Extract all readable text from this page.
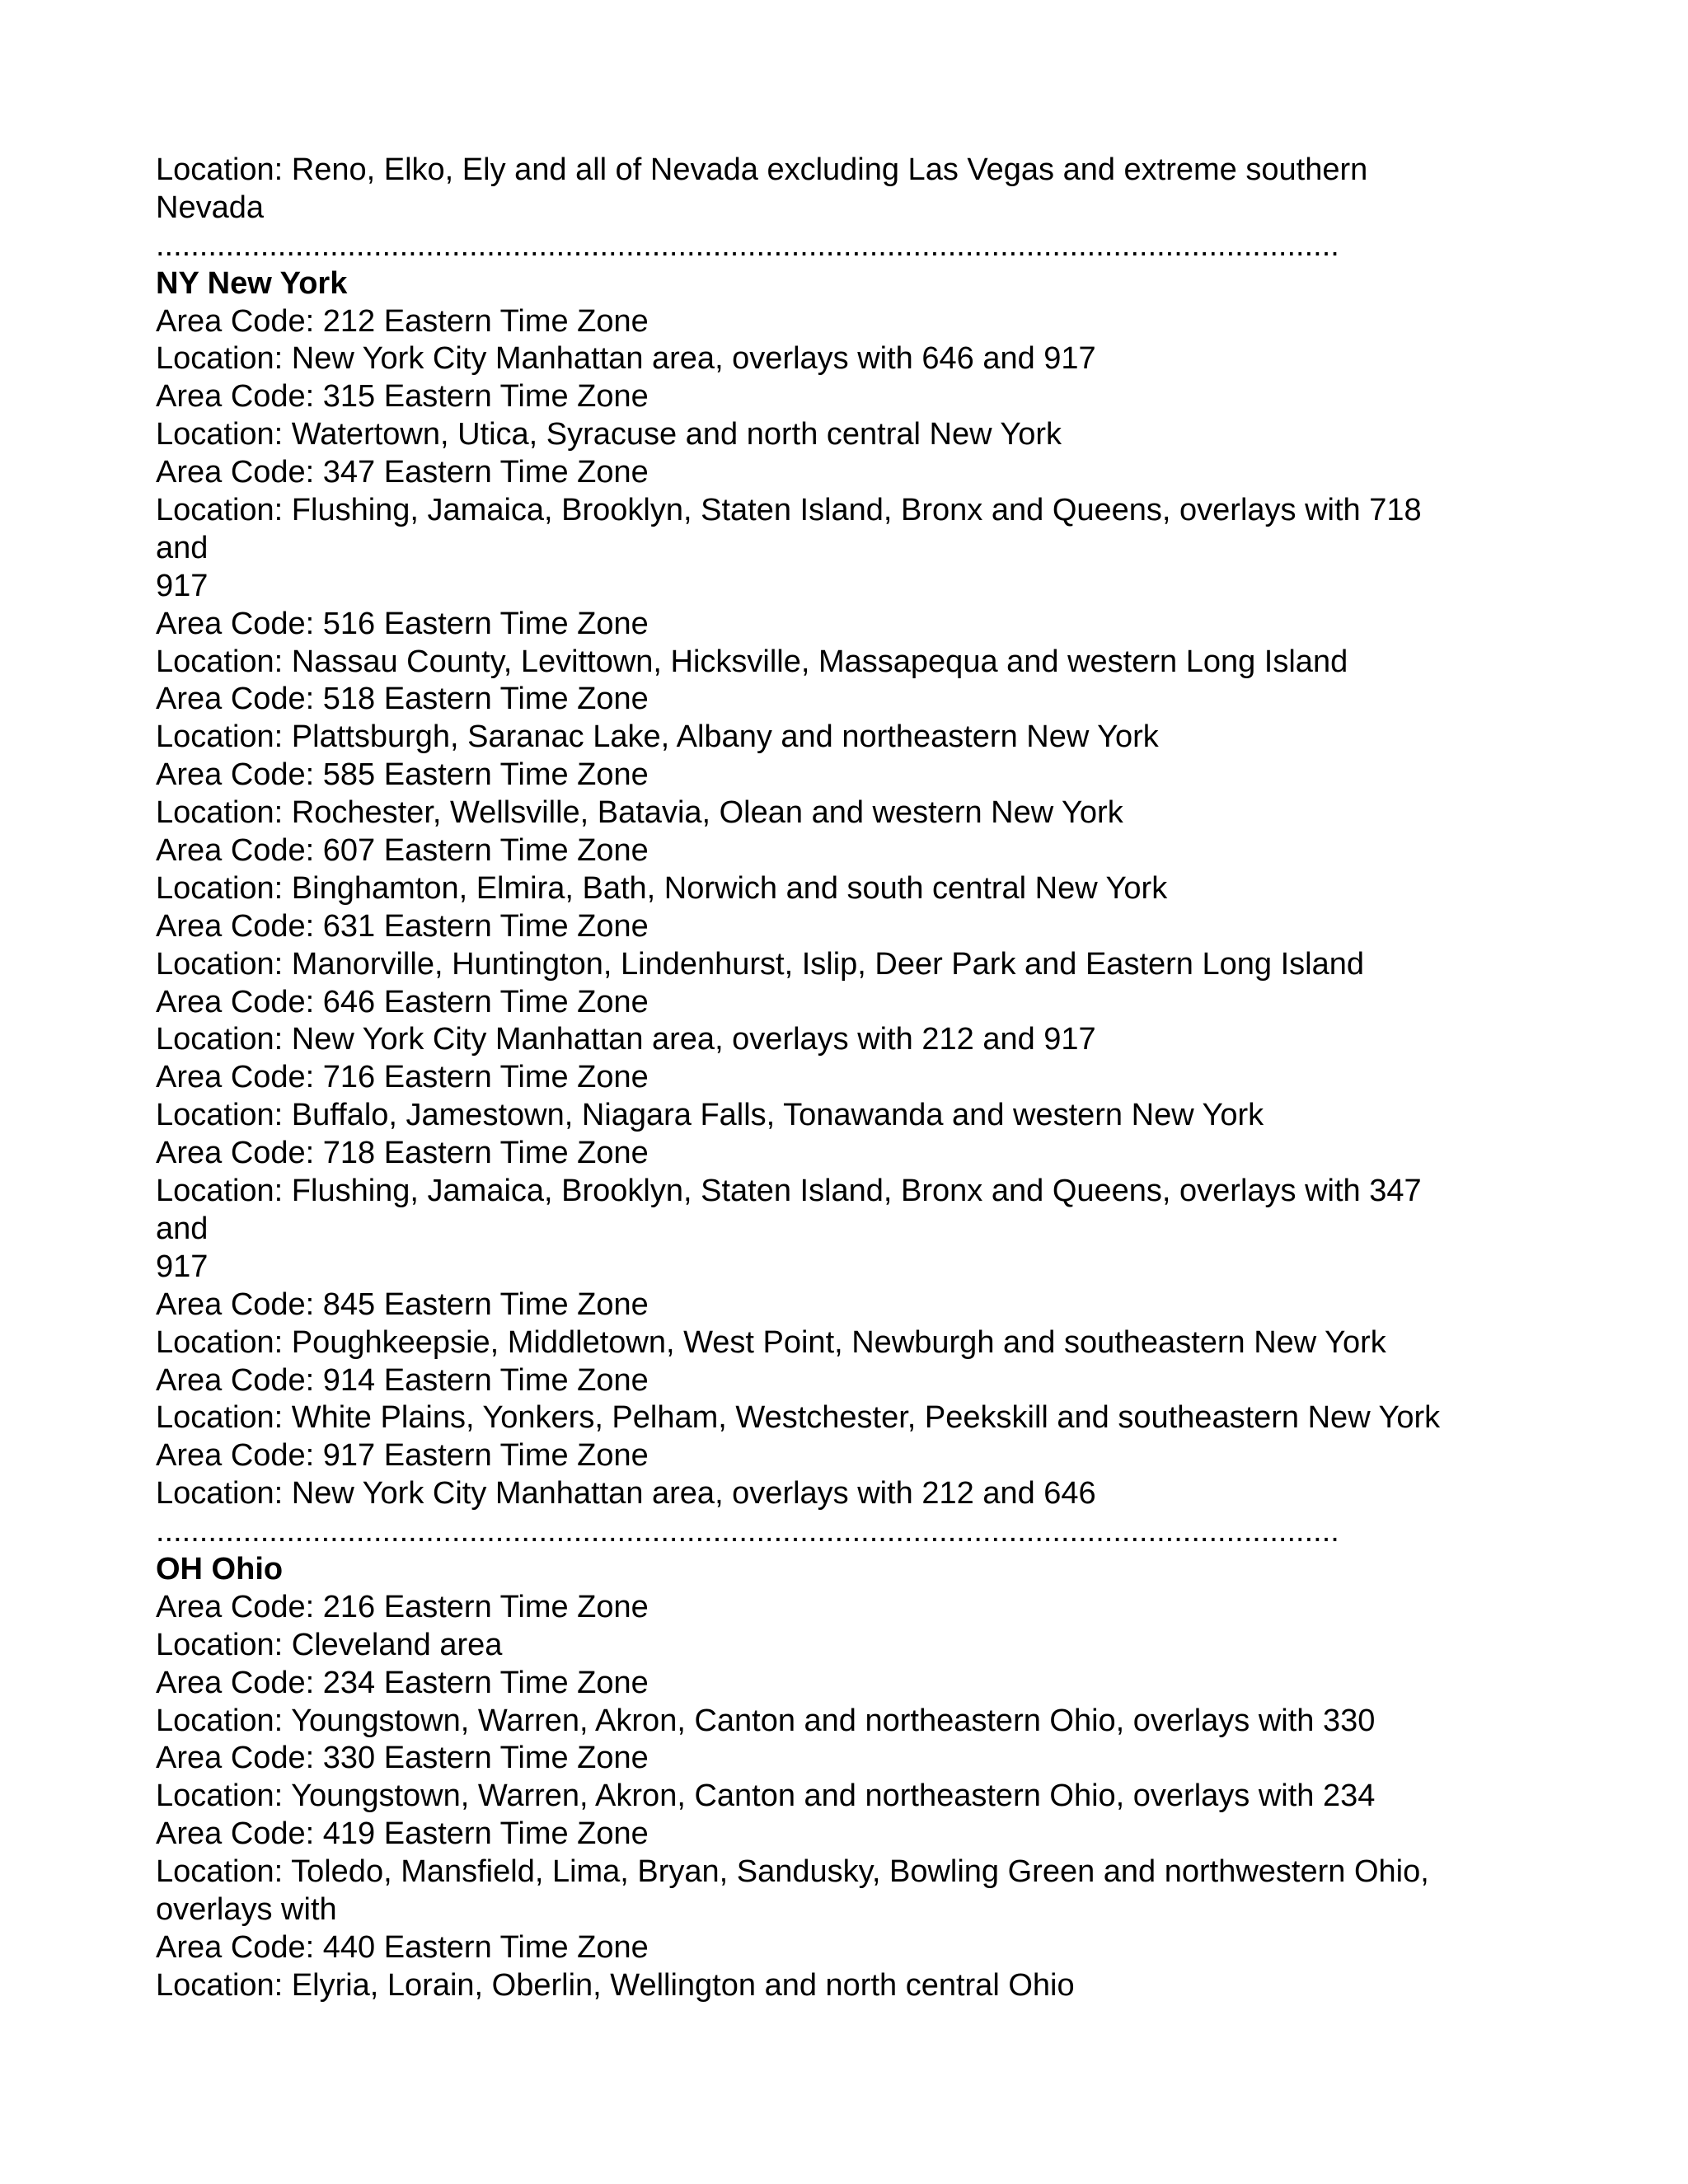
Location: Reno, Elko, Ely and all of Nevada excluding Las Vegas and extreme southern
Nevada
........................................................................................................................................
NY New York
Area Code: 212 Eastern Time Zone
Location: New York City Manhattan area, overlays with 646 and 917
Area Code: 315 Eastern Time Zone
Location: Watertown, Utica, Syracuse and north central New York
Area Code: 347 Eastern Time Zone
Location: Flushing, Jamaica, Brooklyn, Staten Island, Bronx and Queens, overlays with 718
and
917
Area Code: 516 Eastern Time Zone
Location: Nassau County, Levittown, Hicksville, Massapequa and western Long Island
Area Code: 518 Eastern Time Zone
Location: Plattsburgh, Saranac Lake, Albany and northeastern New York
Area Code: 585 Eastern Time Zone
Location: Rochester, Wellsville, Batavia, Olean and western New York
Area Code: 607 Eastern Time Zone
Location: Binghamton, Elmira, Bath, Norwich and south central New York
Area Code: 631 Eastern Time Zone
Location: Manorville, Huntington, Lindenhurst, Islip, Deer Park and Eastern Long Island
Area Code: 646 Eastern Time Zone
Location: New York City Manhattan area, overlays with 212 and 917
Area Code: 716 Eastern Time Zone
Location: Buffalo, Jamestown, Niagara Falls, Tonawanda and western New York
Area Code: 718 Eastern Time Zone
Location: Flushing, Jamaica, Brooklyn, Staten Island, Bronx and Queens, overlays with 347
and
917
Area Code: 845 Eastern Time Zone
Location: Poughkeepsie, Middletown, West Point, Newburgh and southeastern New York
Area Code: 914 Eastern Time Zone
Location: White Plains, Yonkers, Pelham, Westchester, Peekskill and southeastern New York
Area Code: 917 Eastern Time Zone
Location: New York City Manhattan area, overlays with 212 and 646
........................................................................................................................................
OH Ohio
Area Code: 216 Eastern Time Zone
Location: Cleveland area
Area Code: 234 Eastern Time Zone
Location: Youngstown, Warren, Akron, Canton and northeastern Ohio, overlays with 330
Area Code: 330 Eastern Time Zone
Location: Youngstown, Warren, Akron, Canton and northeastern Ohio, overlays with 234
Area Code: 419 Eastern Time Zone
Location: Toledo, Mansfield, Lima, Bryan, Sandusky, Bowling Green and northwestern Ohio,
overlays with
Area Code: 440 Eastern Time Zone
Location: Elyria, Lorain, Oberlin, Wellington and north central Ohio
